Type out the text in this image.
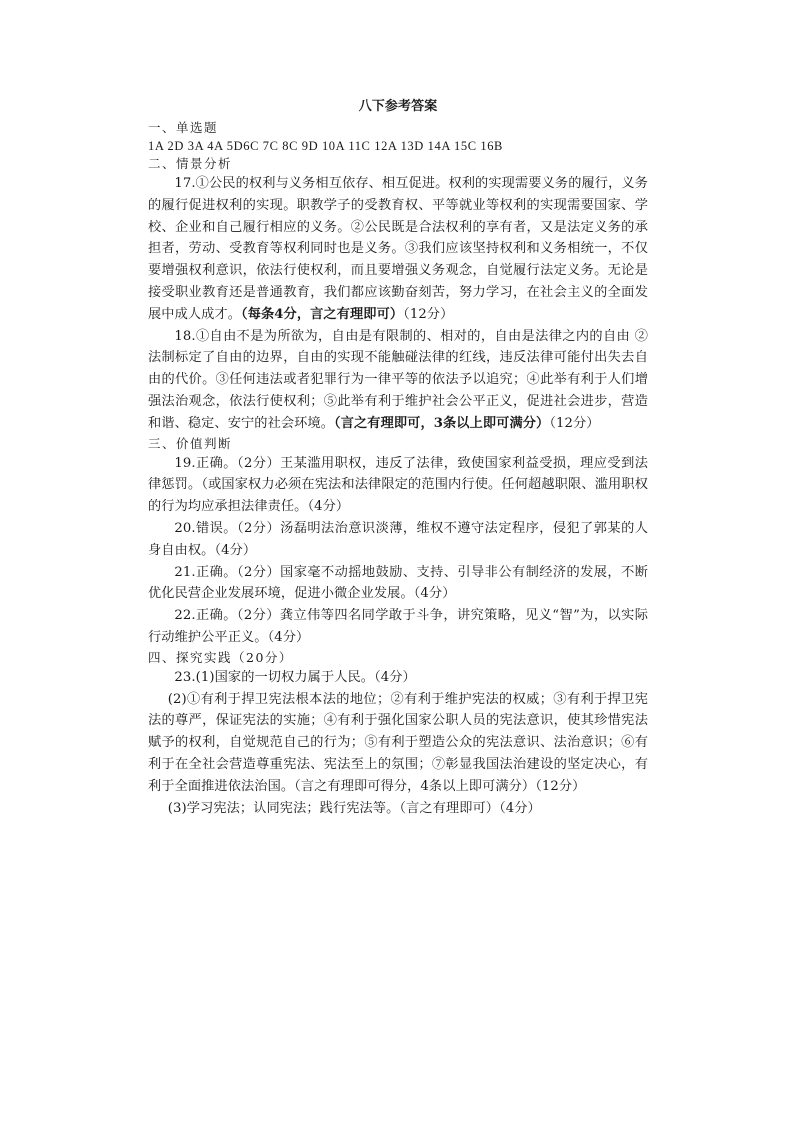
八下参考答案
一、单选题
1A 2D 3A 4A 5D6C 7C 8C 9D 10A 11C 12A 13D 14A 15C 16B
二、情景分析

17.①公民的权利与义务相互依存、相互促进。权利的实现需要义务的履行，义务的履行促进权利的实现。职教学子的受教育权、平等就业等权利的实现需要国家、学校、企业和自己履行相应的义务。②公民既是合法权利的享有者，又是法定义务的承担者，劳动、受教育等权利同时也是义务。③我们应该坚持权利和义务相统一，不仅要增强权利意识，依法行使权利，而且要增强义务观念，自觉履行法定义务。无论是接受职业教育还是普通教育，我们都应该勤奋刻苦，努力学习，在社会主义的全面发展中成人成才。（每条4分，言之有理即可）（12分）

18.①自由不是为所欲为，自由是有限制的、相对的，自由是法律之内的自由 ②法制标定了自由的边界，自由的实现不能触碰法律的红线，违反法律可能付出失去自由的代价。③任何违法或者犯罪行为一律平等的依法予以追究；④此举有利于人们增强法治观念，依法行使权利；⑤此举有利于维护社会公平正义，促进社会进步，营造和谐、稳定、安宁的社会环境。（言之有理即可，3条以上即可满分）（12分）

三、价值判断

19.正确。（2分）王某滥用职权，违反了法律，致使国家利益受损，理应受到法律惩罚。（或国家权力必须在宪法和法律限定的范围内行使。任何超越职限、滥用职权的行为均应承担法律责任。（4分）

20.错误。（2分）汤磊明法治意识淡薄，维权不遵守法定程序，侵犯了郭某的人身自由权。（4分）

21.正确。（2分）国家毫不动摇地鼓励、支持、引导非公有制经济的发展，不断优化民营企业发展环境，促进小微企业发展。（4分）

22.正确。（2分）龚立伟等四名同学敢于斗争，讲究策略，见义“智”为，以实际行动维护公平正义。（4分）

四、探究实践（20分）

23.(1)国家的一切权力属于人民。（4分）

(2)①有利于捍卫宪法根本法的地位；②有利于维护宪法的权威；③有利于捍卫宪法的尊严，保证宪法的实施；④有利于强化国家公职人员的宪法意识，使其珍惜宪法赋予的权利，自觉规范自己的行为；⑤有利于塑造公众的宪法意识、法治意识；⑥有利于在全社会营造尊重宪法、宪法至上的氛围；⑦彰显我国法治建设的坚定决心，有利于全面推进依法治国。（言之有理即可得分，4条以上即可满分）（12分）

(3)学习宪法；认同宪法；践行宪法等。（言之有理即可）（4分）
